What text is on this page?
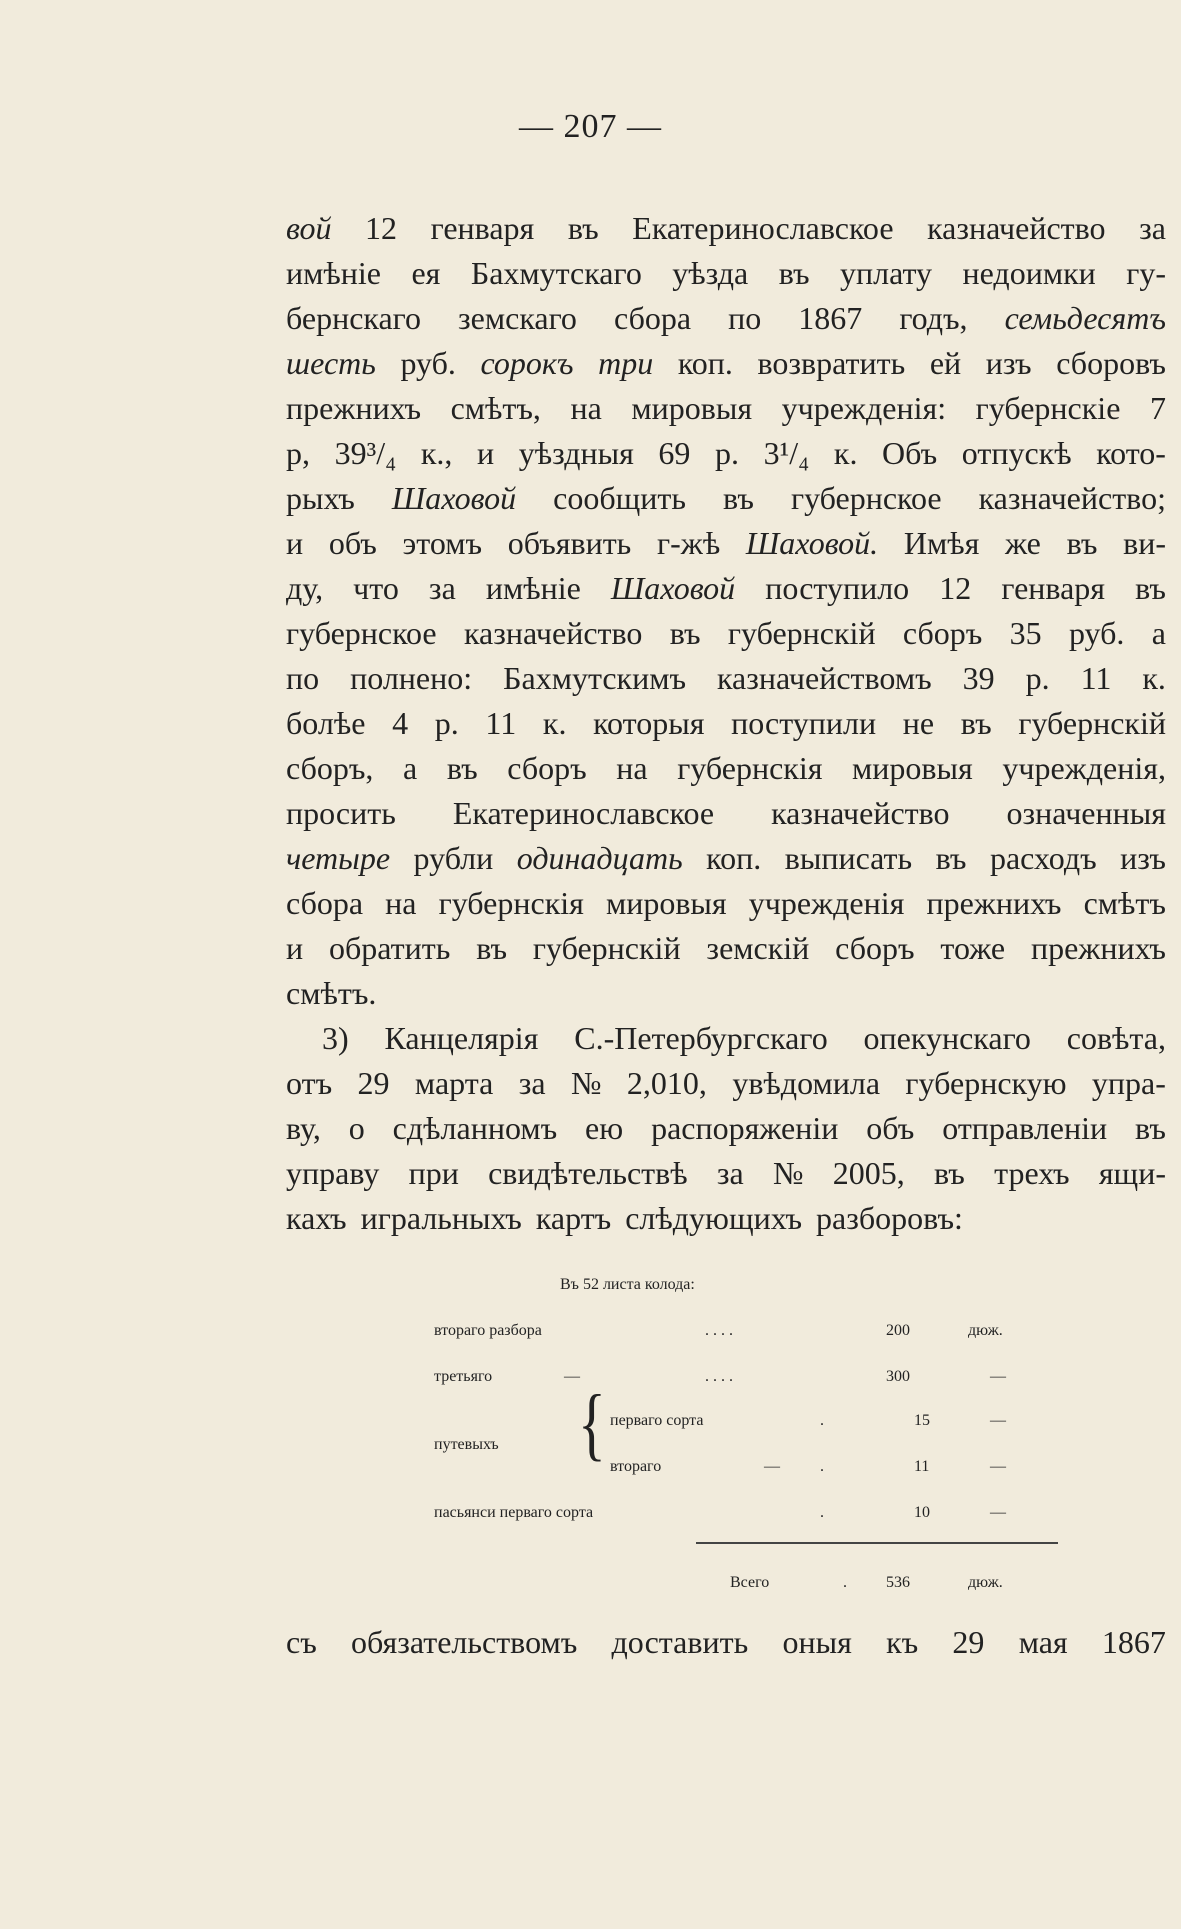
— 207 —
вой 12 генваря въ Екатеринославское казначейство за
имѣніе ея Бахмутскаго уѣзда въ уплату недоимки гу-
бернскаго земскаго сбора по 1867 годъ, семьдесятъ
шесть руб. сорокъ три коп. возвратить ей изъ сборовъ
прежнихъ смѣтъ, на мировыя учрежденія: губернскіе 7
р, 39³/₄ к., и уѣздныя 69 р. 3¹/₄ к. Объ отпускѣ кото-
рыхъ Шаховой сообщить въ губернское казначейство;
и объ этомъ объявить г-жѣ Шаховой. Имѣя же въ ви-
ду, что за имѣніе Шаховой поступило 12 генваря въ
губернское казначейство въ губернскій сборъ 35 руб. а
по полнено: Бахмутскимъ казначействомъ 39 р. 11 к.
болѣе 4 р. 11 к. которыя поступили не въ губернскій
сборъ, а въ сборъ на губернскія мировыя учрежденія,
просить Екатеринославское казначейство означенныя
четыре рубли одинадцать коп. выписать въ расходъ изъ
сбора на губернскія мировыя учрежденія прежнихъ смѣтъ
и обратить въ губернскій земскій сборъ тоже прежнихъ
смѣтъ.
3) Канцелярія С.-Петербургскаго опекунскаго совѣта,
отъ 29 марта за № 2,010, увѣдомила губернскую упра-
ву, о сдѣланномъ ею распоряженіи объ отправленіи въ
управу при свидѣтельствѣ за № 2005, въ трехъ ящи-
кахъ игральныхъ картъ слѣдующихъ разборовъ:
Въ 52 листа колода:
втораго разбора	. . . .	200	дюж.
третьяго	—	. . . .	300	—
путевыхъ { перваго сорта	.	15	—
втораго	—	.	11	—
пасьянси перваго сорта	.	10	—
Всего	. 536	дюж.
съ обязательствомъ доставить оныя къ 29 мая 1867
